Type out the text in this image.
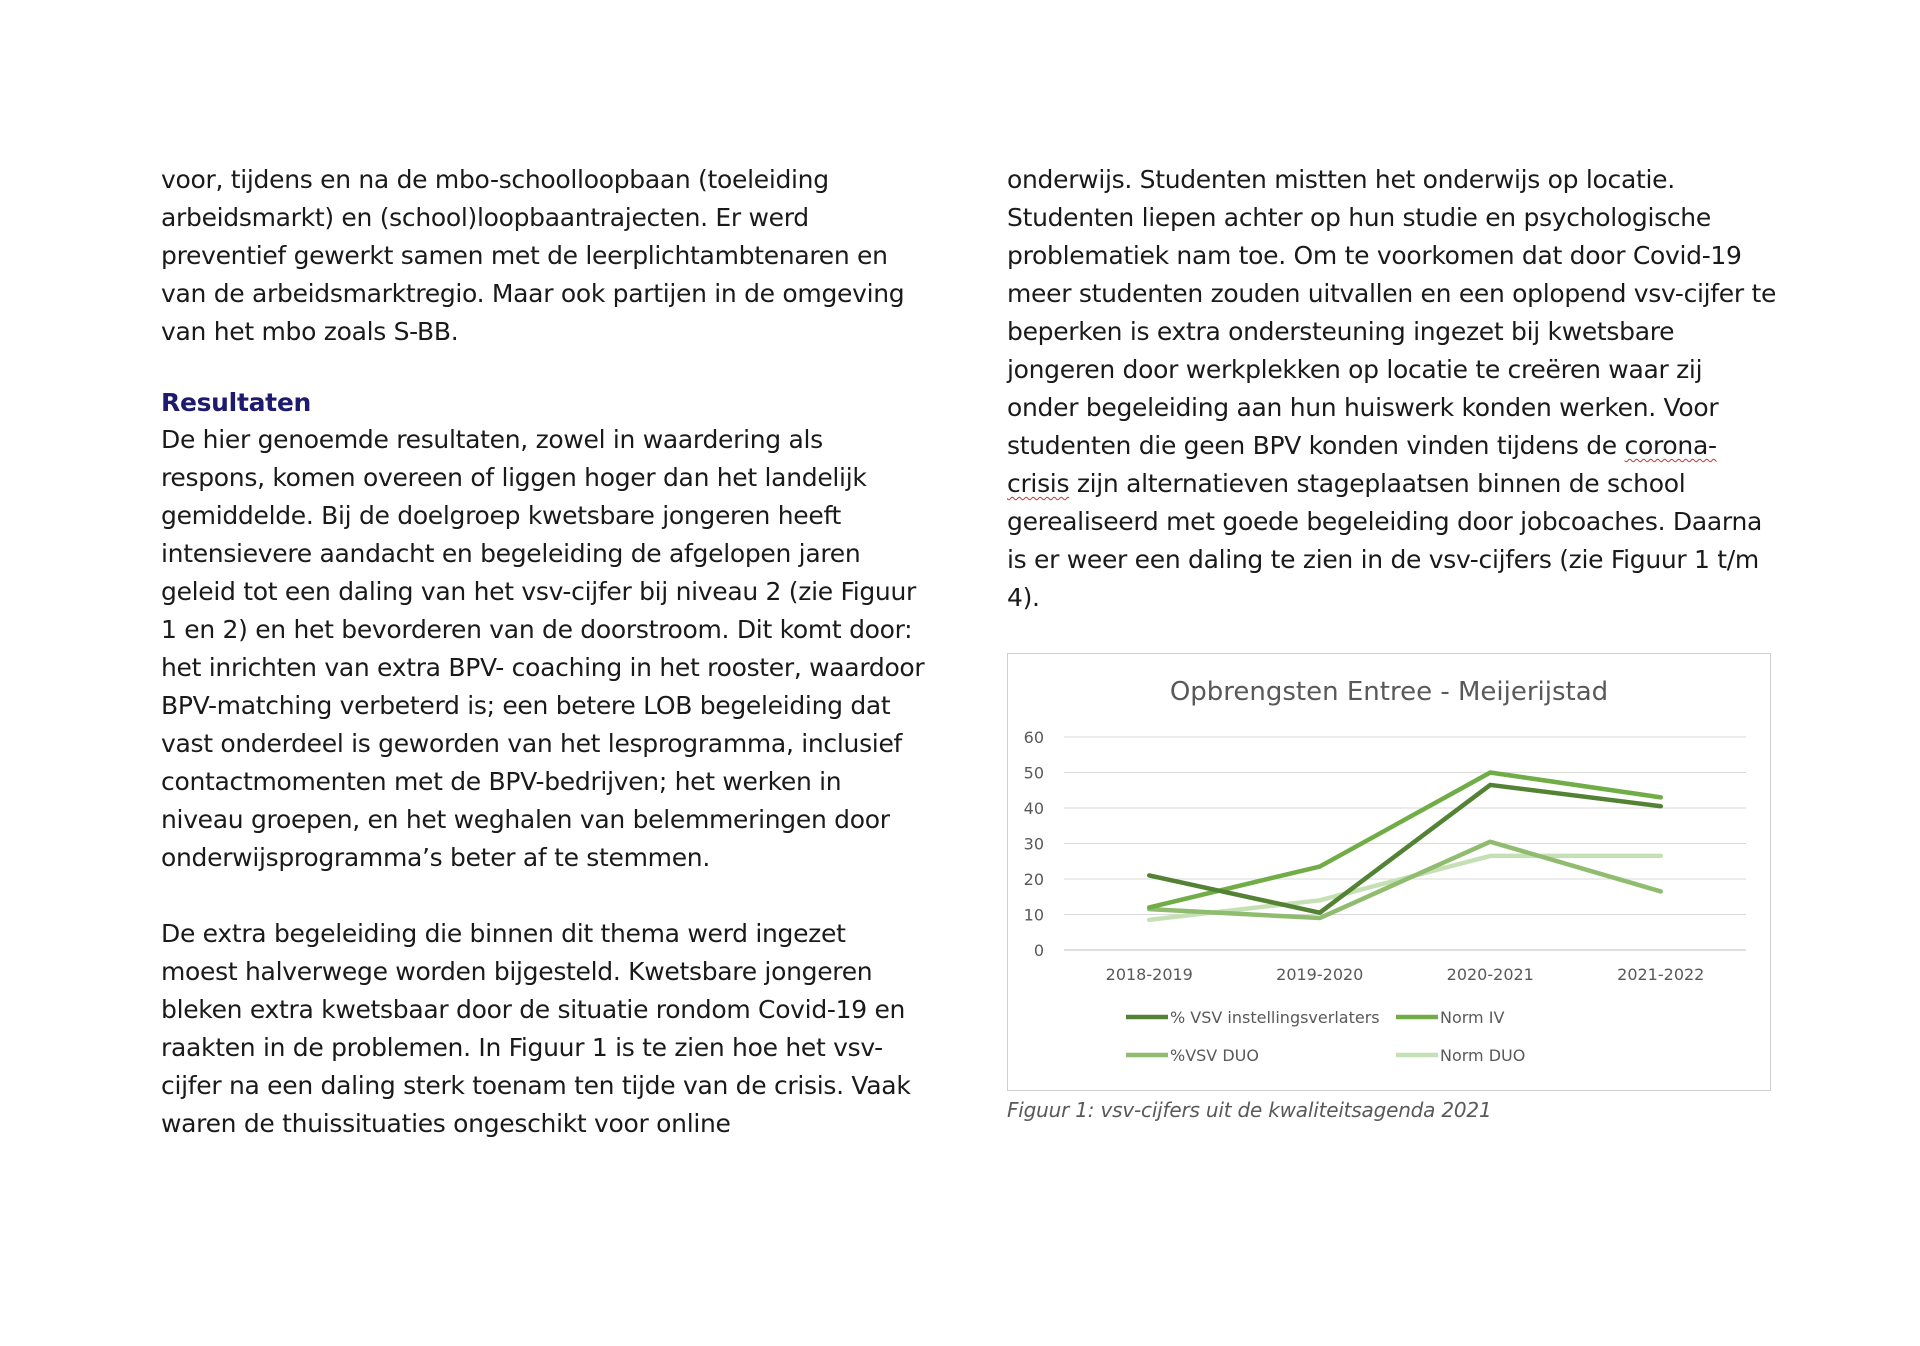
voor, tijdens en na de mbo-schoolloopbaan (toeleiding

arbeidsmarkt) en (school)loopbaantrajecten. Er werd

preventief gewerkt samen met de leerplichtambtenaren en

van de arbeidsmarktregio. Maar ook partijen in de omgeving

van het mbo zoals S-BB.

Resultaten

De hier genoemde resultaten, zowel in waardering als respons, komen overeen of liggen hoger dan het landelijk gemiddelde. Bij de doelgroep kwetsbare jongeren heeft intensievere aandacht en begeleiding de afgelopen jaren geleid tot een daling van het vsv-cijfer bij niveau 2 (zie Figuur 1 en 2) en het bevorderen van de doorstroom. Dit komt door: het inrichten van extra BPV- coaching in het rooster, waardoor BPV-matching verbeterd is; een betere LOB begeleiding dat vast onderdeel is geworden van het lesprogramma, inclusief contactmomenten met de BPV-bedrijven; het werken in niveau groepen, en het weghalen van belemmeringen door onderwijsprogramma’s beter af te stemmen.

De extra begeleiding die binnen dit thema werd ingezet moest halverwege worden bijgesteld. Kwetsbare jongeren bleken extra kwetsbaar door de situatie rondom Covid-19 en raakten in de problemen. In Figuur 1 is te zien hoe het vsv-cijfer na een daling sterk toenam ten tijde van de crisis. Vaak waren de thuissituaties ongeschikt voor online

onderwijs. Studenten mistten het onderwijs op locatie. Studenten liepen achter op hun studie en psychologische problematiek nam toe. Om te voorkomen dat door Covid-19 meer studenten zouden uitvallen en een oplopend vsv-cijfer te beperken is extra ondersteuning ingezet bij kwetsbare jongeren door werkplekken op locatie te creëren waar zij onder begeleiding aan hun huiswerk konden werken. Voor studenten die geen BPV konden vinden tijdens de corona-crisis zijn alternatieven stageplaatsen binnen de school gerealiseerd met goede begeleiding door jobcoaches. Daarna is er weer een daling te zien in de vsv-cijfers (zie Figuur 1 t/m 4).

Opbrengsten Entree - Meijerijstad
0
10
20
30
40
50
60
2018-2019	2019-2020	2020-2021	2021-2022
% VSV instellingsverlaters	Norm IV
%VSV DUO	Norm DUO
Figuur 1: vsv-cijfers uit de kwaliteitsagenda 2021
